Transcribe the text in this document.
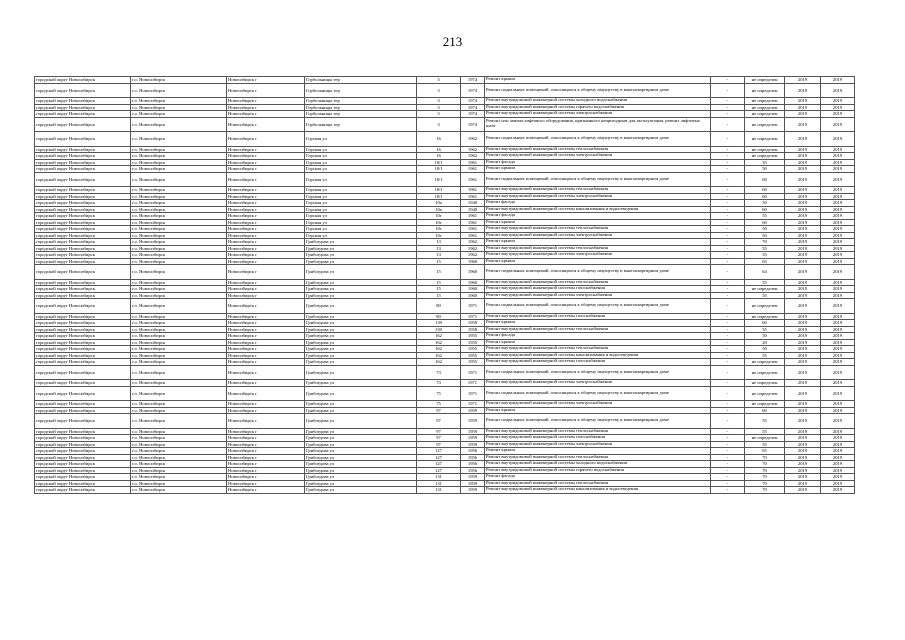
213
городской округ Новосибирск	г.о. Новосибирск	Новосибирск г	Горбольницы тер	3	1974	Ремонт крыши	-	не определен	2019	2019
городской округ Новосибирск	г.о. Новосибирск	Новосибирск г	Горбольницы тер	3	1974	Ремонт подвальных помещений, относящихся к общему имуществу в многоквартирном доме	-	не определен	2019	2019
городской округ Новосибирск	г.о. Новосибирск	Новосибирск г	Горбольницы тер	3	1974	Ремонт внутридомовой инженерной системы холодного водоснабжения	-	не определен	2019	2019
городской округ Новосибирск	г.о. Новосибирск	Новосибирск г	Горбольницы тер	3	1974	Ремонт внутридомовой инженерной системы горячего водоснабжения	-	не определен	2019	2019
городской округ Новосибирск	г.о. Новосибирск	Новосибирск г	Горбольницы тер	3	1974	Ремонт внутридомовой инженерной системы электроснабжения	-	не определен	2019	2019
городской округ Новосибирск	г.о. Новосибирск	Новосибирск г	Горбольницы тер	3	1974	Ремонт или замена лифтового оборудования, признанного непригодным для эксплуатации, ремонт лифтовых шахт	-	не определен	2019	2019
городской округ Новосибирск	г.о. Новосибирск	Новосибирск г	Горская ул	16	1962	Ремонт подвальных помещений, относящихся к общему имуществу в многоквартирном доме	-	не определен	2019	2019
городской округ Новосибирск	г.о. Новосибирск	Новосибирск г	Горская ул	16	1962	Ремонт внутридомовой инженерной системы теплоснабжения	-	не определен	2019	2019
городской округ Новосибирск	г.о. Новосибирск	Новосибирск г	Горская ул	16	1962	Ремонт внутридомовой инженерной системы электроснабжения	-	не определен	2019	2019
городской округ Новосибирск	г.о. Новосибирск	Новосибирск г	Горская ул	18/1	1961	Ремонт фасада	-	35	2019	2019
городской округ Новосибирск	г.о. Новосибирск	Новосибирск г	Горская ул	18/1	1961	Ремонт крыши	-	50	2019	2019
городской округ Новосибирск	г.о. Новосибирск	Новосибирск г	Горская ул	18/1	1961	Ремонт подвальных помещений, относящихся к общему имуществу в многоквартирном доме	-	60	2019	2019
городской округ Новосибирск	г.о. Новосибирск	Новосибирск г	Горская ул	18/1	1961	Ремонт внутридомовой инженерной системы теплоснабжения	-	60	2019	2019
городской округ Новосибирск	г.о. Новосибирск	Новосибирск г	Горская ул	18/1	1961	Ремонт внутридомовой инженерной системы электроснабжения	-	60	2019	2019
городской округ Новосибирск	г.о. Новосибирск	Новосибирск г	Горская ул	10а	1940	Ремонт фасада	-	50	2019	2019
городской округ Новосибирск	г.о. Новосибирск	Новосибирск г	Горская ул	10а	1940	Ремонт внутридомовой инженерной системы канализования и водоотведения	-	60	2019	2019
городской округ Новосибирск	г.о. Новосибирск	Новосибирск г	Горская ул	10г	1961	Ремонт фасада	-	55	2019	2019
городской округ Новосибирск	г.о. Новосибирск	Новосибирск г	Горская ул	10г	1961	Ремонт крыши	-	60	2019	2019
городской округ Новосибирск	г.о. Новосибирск	Новосибирск г	Горская ул	10г	1961	Ремонт внутридомовой инженерной системы теплоснабжения	-	50	2019	2019
городской округ Новосибирск	г.о. Новосибирск	Новосибирск г	Горская ул	10г	1961	Ремонт внутридомовой инженерной системы электроснабжения	-	50	2019	2019
городской округ Новосибирск	г.о. Новосибирск	Новосибирск г	Грибоедова ул	13	1962	Ремонт крыши	-	70	2019	2019
городской округ Новосибирск	г.о. Новосибирск	Новосибирск г	Грибоедова ул	13	1962	Ремонт внутридомовой инженерной системы теплоснабжения	-	55	2019	2019
городской округ Новосибирск	г.о. Новосибирск	Новосибирск г	Грибоедова ул	13	1962	Ремонт внутридомовой инженерной системы электроснабжения	-	55	2019	2019
городской округ Новосибирск	г.о. Новосибирск	Новосибирск г	Грибоедова ул	15	1960	Ремонт крыши	-	65	2019	2019
городской округ Новосибирск	г.о. Новосибирск	Новосибирск г	Грибоедова ул	15	1960	Ремонт подвальных помещений, относящихся к общему имуществу в многоквартирном доме	-	64	2019	2019
городской округ Новосибирск	г.о. Новосибирск	Новосибирск г	Грибоедова ул	15	1960	Ремонт внутридомовой инженерной системы теплоснабжения	-	55	2019	2019
городской округ Новосибирск	г.о. Новосибирск	Новосибирск г	Грибоедова ул	15	1960	Ремонт внутридомовой инженерной системы газоснабжения	-	не определен	2019	2019
городской округ Новосибирск	г.о. Новосибирск	Новосибирск г	Грибоедова ул	15	1960	Ремонт внутридомовой инженерной системы электроснабжения	-	55	2019	2019
городской округ Новосибирск	г.о. Новосибирск	Новосибирск г	Грибоедова ул	80	1971	Ремонт подвальных помещений, относящихся к общему имуществу в многоквартирном доме	-	не определен	2019	2019
городской округ Новосибирск	г.о. Новосибирск	Новосибирск г	Грибоедова ул	80	1971	Ремонт внутридомовой инженерной системы газоснабжения	-	не определен	2019	2019
городской округ Новосибирск	г.о. Новосибирск	Новосибирск г	Грибоедова ул	139	1958	Ремонт крыши	-	60	2019	2019
городской округ Новосибирск	г.о. Новосибирск	Новосибирск г	Грибоедова ул	139	1958	Ремонт внутридомовой инженерной системы теплоснабжения	-	55	2019	2019
городской округ Новосибирск	г.о. Новосибирск	Новосибирск г	Грибоедова ул	162	1955	Ремонт фасада	-	50	2019	2019
городской округ Новосибирск	г.о. Новосибирск	Новосибирск г	Грибоедова ул	162	1955	Ремонт крыши	-	20	2019	2019
городской округ Новосибирск	г.о. Новосибирск	Новосибирск г	Грибоедова ул	162	1955	Ремонт внутридомовой инженерной системы теплоснабжения	-	50	2019	2019
городской округ Новосибирск	г.о. Новосибирск	Новосибирск г	Грибоедова ул	162	1955	Ремонт внутридомовой инженерной системы канализования и водоотведения	-	55	2019	2019
городской округ Новосибирск	г.о. Новосибирск	Новосибирск г	Грибоедова ул	162	1955	Ремонт внутридомовой инженерной системы газоснабжения	-	не определен	2019	2019
городской округ Новосибирск	г.о. Новосибирск	Новосибирск г	Грибоедова ул	73	1971	Ремонт подвальных помещений, относящихся к общему имуществу в многоквартирном доме	-	не определен	2019	2019
городской округ Новосибирск	г.о. Новосибирск	Новосибирск г	Грибоедова ул	73	1971	Ремонт внутридомовой инженерной системы электроснабжения	-	не определен	2019	2019
городской округ Новосибирск	г.о. Новосибирск	Новосибирск г	Грибоедова ул	75	1971	Ремонт подвальных помещений, относящихся к общему имуществу в многоквартирном доме	-	не определен	2019	2019
городской округ Новосибирск	г.о. Новосибирск	Новосибирск г	Грибоедова ул	75	1971	Ремонт внутридомовой инженерной системы электроснабжения	-	не определен	2019	2019
городской округ Новосибирск	г.о. Новосибирск	Новосибирск г	Грибоедова ул	97	1959	Ремонт крыши	-	60	2019	2019
городской округ Новосибирск	г.о. Новосибирск	Новосибирск г	Грибоедова ул	97	1959	Ремонт подвальных помещений, относящихся к общему имуществу в многоквартирном доме	-	55	2019	2019
городской округ Новосибирск	г.о. Новосибирск	Новосибирск г	Грибоедова ул	97	1959	Ремонт внутридомовой инженерной системы теплоснабжения	-	55	2019	2019
городской округ Новосибирск	г.о. Новосибирск	Новосибирск г	Грибоедова ул	97	1959	Ремонт внутридомовой инженерной системы газоснабжения	-	не определен	2019	2019
городской округ Новосибирск	г.о. Новосибирск	Новосибирск г	Грибоедова ул	97	1959	Ремонт внутридомовой инженерной системы электроснабжения	-	55	2019	2019
городской округ Новосибирск	г.о. Новосибирск	Новосибирск г	Грибоедова ул	127	1956	Ремонт крыши	-	65	2019	2019
городской округ Новосибирск	г.о. Новосибирск	Новосибирск г	Грибоедова ул	127	1956	Ремонт внутридомовой инженерной системы теплоснабжения	-	70	2019	2019
городской округ Новосибирск	г.о. Новосибирск	Новосибирск г	Грибоедова ул	127	1956	Ремонт внутридомовой инженерной системы холодного водоснабжения	-	70	2019	2019
городской округ Новосибирск	г.о. Новосибирск	Новосибирск г	Грибоедова ул	127	1956	Ремонт внутридомовой инженерной системы горячего водоснабжения	-	70	2019	2019
городской округ Новосибирск	г.о. Новосибирск	Новосибирск г	Грибоедова ул	131	1959	Ремонт фасада	-	70	2019	2019
городской округ Новосибирск	г.о. Новосибирск	Новосибирск г	Грибоедова ул	131	1959	Ремонт внутридомовой инженерной системы теплоснабжения	-	70	2019	2019
городской округ Новосибирск	г.о. Новосибирск	Новосибирск г	Грибоедова ул	131	1959	Ремонт внутридомовой инженерной системы канализования и водоотведения	-	70	2019	2019
